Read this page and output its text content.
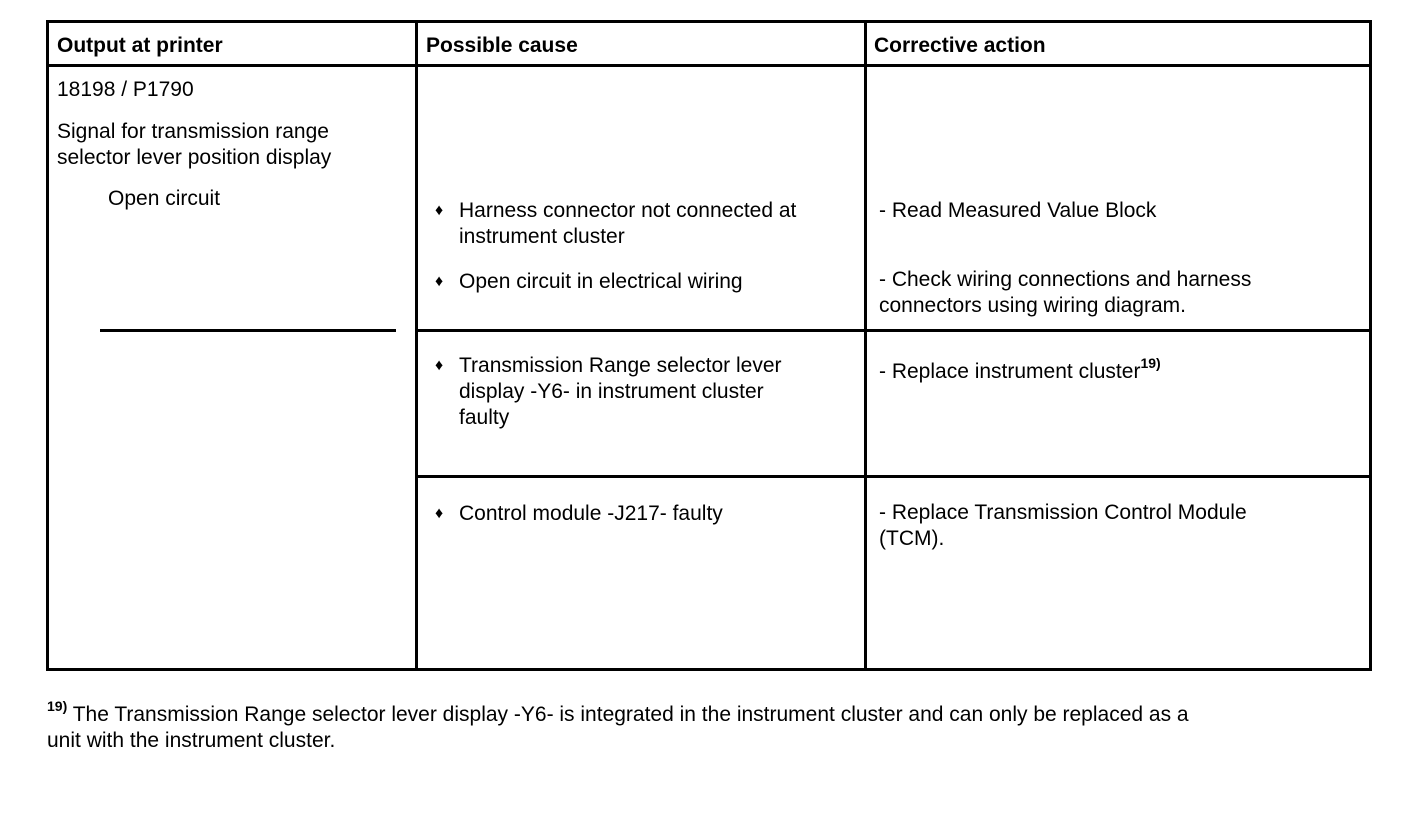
Output at printer	Possible cause	Corrective action
18198 / P1790
Signal for transmission range
selector lever position display
Open circuit
♦ Harness connector not connected at
instrument cluster
♦ Open circuit in electrical wiring
♦ Transmission Range selector lever
display -Y6- in instrument cluster
faulty
♦ Control module -J217- faulty
- Read Measured Value Block
- Check wiring connections and harness
connectors using wiring diagram.
- Replace instrument cluster$^{19)}$
- Replace Transmission Control Module
(TCM).
$^{19)}$ The Transmission Range selector lever display -Y6- is integrated in the instrument cluster and can only be replaced as a
unit with the instrument cluster.
